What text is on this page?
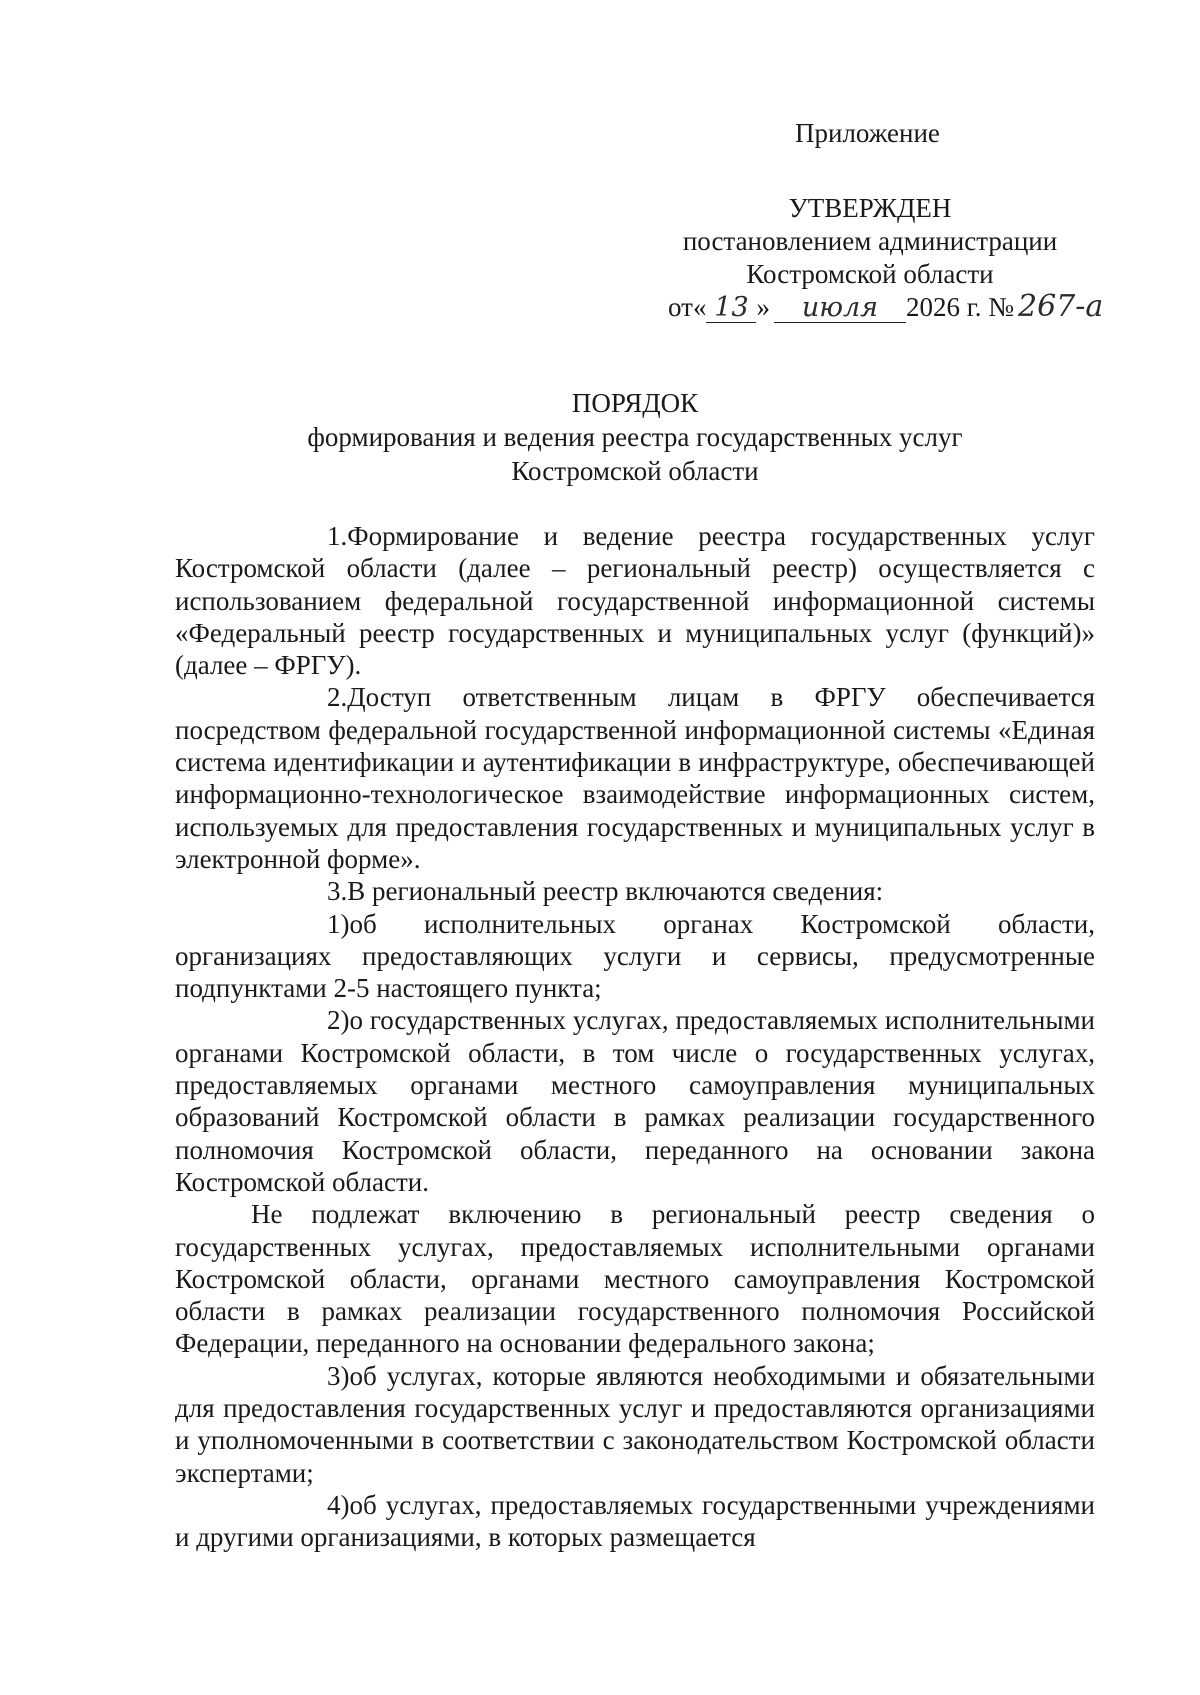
Приложение
УТВЕРЖДЕН
постановлением администрации
Костромской области
от« 13 » июля 2026 г. № 267-а
ПОРЯДОК
формирования и ведения реестра государственных услуг
Костромской области

1.Формирование и ведение реестра государственных услуг Костромской области (далее – региональный реестр) осуществляется с использованием федеральной государственной информационной системы «Федеральный реестр государственных и муниципальных услуг (функций)» (далее – ФРГУ).

2.Доступ ответственным лицам в ФРГУ обеспечивается посредством федеральной государственной информационной системы «Единая система идентификации и аутентификации в инфраструктуре, обеспечивающей информационно-технологическое взаимодействие информационных систем, используемых для предоставления государственных и муниципальных услуг в электронной форме».

3.В региональный реестр включаются сведения:

1)об исполнительных органах Костромской области, организациях предоставляющих услуги и сервисы, предусмотренные подпунктами 2-5 настоящего пункта;

2)о государственных услугах, предоставляемых исполнительными органами Костромской области, в том числе о государственных услугах, предоставляемых органами местного самоуправления муниципальных образований Костромской области в рамках реализации государственного полномочия Костромской области, переданного на основании закона Костромской области.

Не подлежат включению в региональный реестр сведения о государственных услугах, предоставляемых исполнительными органами Костромской области, органами местного самоуправления Костромской области в рамках реализации государственного полномочия Российской Федерации, переданного на основании федерального закона;

3)об услугах, которые являются необходимыми и обязательными для предоставления государственных услуг и предоставляются организациями и уполномоченными в соответствии с законодательством Костромской области экспертами;

4)об услугах, предоставляемых государственными учреждениями и другими организациями, в которых размещается
